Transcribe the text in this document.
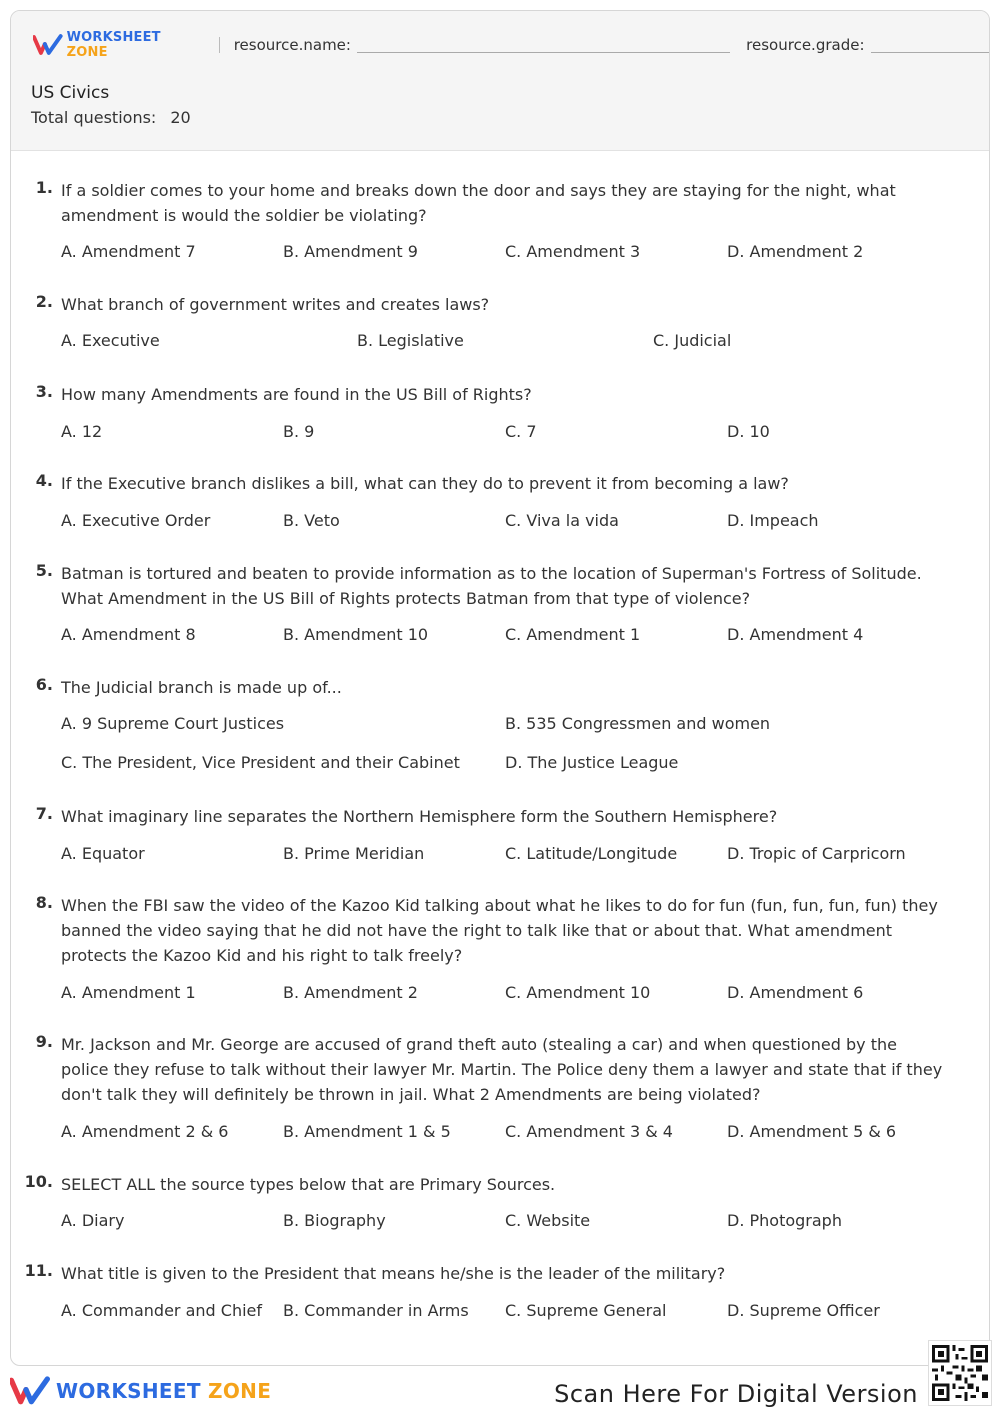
WORKSHEET ZONE	resource.name:	resource.grade:
US Civics
Total questions: 20
1. If a soldier comes to your home and breaks down the door and says they are staying for the night, what amendment is would the soldier be violating?
A. Amendment 7	B. Amendment 9	C. Amendment 3	D. Amendment 2
2. What branch of government writes and creates laws?
A. Executive	B. Legislative	C. Judicial
3. How many Amendments are found in the US Bill of Rights?
A. 12	B. 9	C. 7	D. 10
4. If the Executive branch dislikes a bill, what can they do to prevent it from becoming a law?
A. Executive Order	B. Veto	C. Viva la vida	D. Impeach
5. Batman is tortured and beaten to provide information as to the location of Superman's Fortress of Solitude. What Amendment in the US Bill of Rights protects Batman from that type of violence?
A. Amendment 8	B. Amendment 10	C. Amendment 1	D. Amendment 4
6. The Judicial branch is made up of...
A. 9 Supreme Court Justices	B. 535 Congressmen and women
C. The President, Vice President and their Cabinet	D. The Justice League
7. What imaginary line separates the Northern Hemisphere form the Southern Hemisphere?
A. Equator	B. Prime Meridian	C. Latitude/Longitude	D. Tropic of Carpricorn
8. When the FBI saw the video of the Kazoo Kid talking about what he likes to do for fun (fun, fun, fun, fun) they banned the video saying that he did not have the right to talk like that or about that. What amendment protects the Kazoo Kid and his right to talk freely?
A. Amendment 1	B. Amendment 2	C. Amendment 10	D. Amendment 6
9. Mr. Jackson and Mr. George are accused of grand theft auto (stealing a car) and when questioned by the police they refuse to talk without their lawyer Mr. Martin. The Police deny them a lawyer and state that if they don't talk they will definitely be thrown in jail. What 2 Amendments are being violated?
A. Amendment 2 & 6	B. Amendment 1 & 5	C. Amendment 3 & 4	D. Amendment 5 & 6
10. SELECT ALL the source types below that are Primary Sources.
A. Diary	B. Biography	C. Website	D. Photograph
11. What title is given to the President that means he/she is the leader of the military?
A. Commander and Chief B. Commander in Arms C. Supreme General	D. Supreme Officer
WORKSHEET ZONE	Scan Here For Digital Version
